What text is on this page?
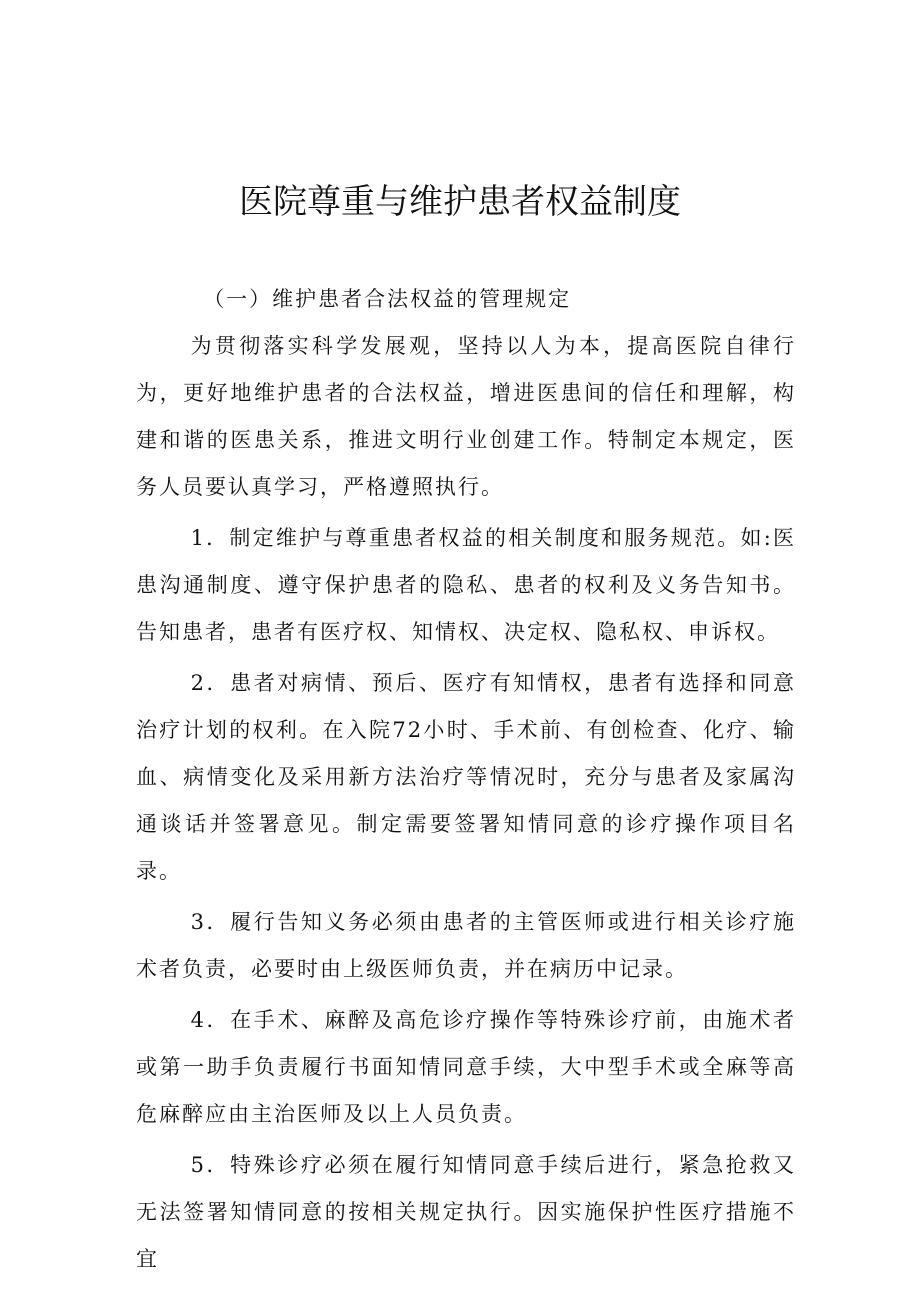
医院尊重与维护患者权益制度

（一）维护患者合法权益的管理规定

为贯彻落实科学发展观，坚持以人为本，提高医院自律行为，更好地维护患者的合法权益，增进医患间的信任和理解，构建和谐的医患关系，推进文明行业创建工作。特制定本规定，医务人员要认真学习，严格遵照执行。

1．制定维护与尊重患者权益的相关制度和服务规范。如:医患沟通制度、遵守保护患者的隐私、患者的权利及义务告知书。告知患者，患者有医疗权、知情权、决定权、隐私权、申诉权。

2．患者对病情、预后、医疗有知情权，患者有选择和同意治疗计划的权利。在入院72小时、手术前、有创检查、化疗、输血、病情变化及采用新方法治疗等情况时，充分与患者及家属沟通谈话并签署意见。制定需要签署知情同意的诊疗操作项目名录。

3．履行告知义务必须由患者的主管医师或进行相关诊疗施术者负责，必要时由上级医师负责，并在病历中记录。

4．在手术、麻醉及高危诊疗操作等特殊诊疗前，由施术者或第一助手负责履行书面知情同意手续，大中型手术或全麻等高危麻醉应由主治医师及以上人员负责。

5．特殊诊疗必须在履行知情同意手续后进行，紧急抢救又无法签署知情同意的按相关规定执行。因实施保护性医疗措施不宜
